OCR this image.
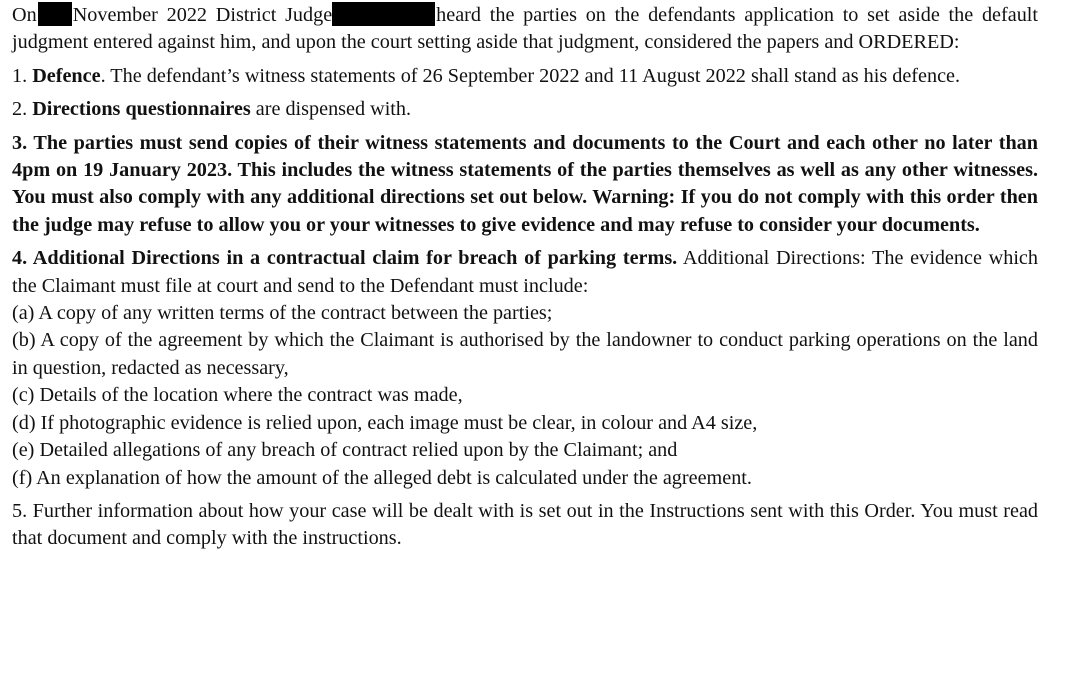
On November 2022 District Judge	heard the parties on the defendants application to set aside the default judgment entered against him, and upon the court setting aside that judgment, considered the papers and ORDERED:

1. Defence. The defendant’s witness statements of 26 September 2022 and 11 August 2022 shall stand as his defence.

2. Directions questionnaires are dispensed with.

3. The parties must send copies of their witness statements and documents to the Court and each other no later than 4pm on 19 January 2023. This includes the witness statements of the parties themselves as well as any other witnesses. You must also comply with any additional directions set out below. Warning: If you do not comply with this order then the judge may refuse to allow you or your witnesses to give evidence and may refuse to consider your documents.

4. Additional Directions in a contractual claim for breach of parking terms. Additional Directions: The evidence which the Claimant must file at court and send to the Defendant must include:

(a) A copy of any written terms of the contract between the parties;

(b) A copy of the agreement by which the Claimant is authorised by the landowner to conduct parking operations on the land in question, redacted as necessary,

(c) Details of the location where the contract was made,

(d) If photographic evidence is relied upon, each image must be clear, in colour and A4 size,

(e) Detailed allegations of any breach of contract relied upon by the Claimant; and

(f) An explanation of how the amount of the alleged debt is calculated under the agreement.

5. Further information about how your case will be dealt with is set out in the Instructions sent with this Order. You must read that document and comply with the instructions.
